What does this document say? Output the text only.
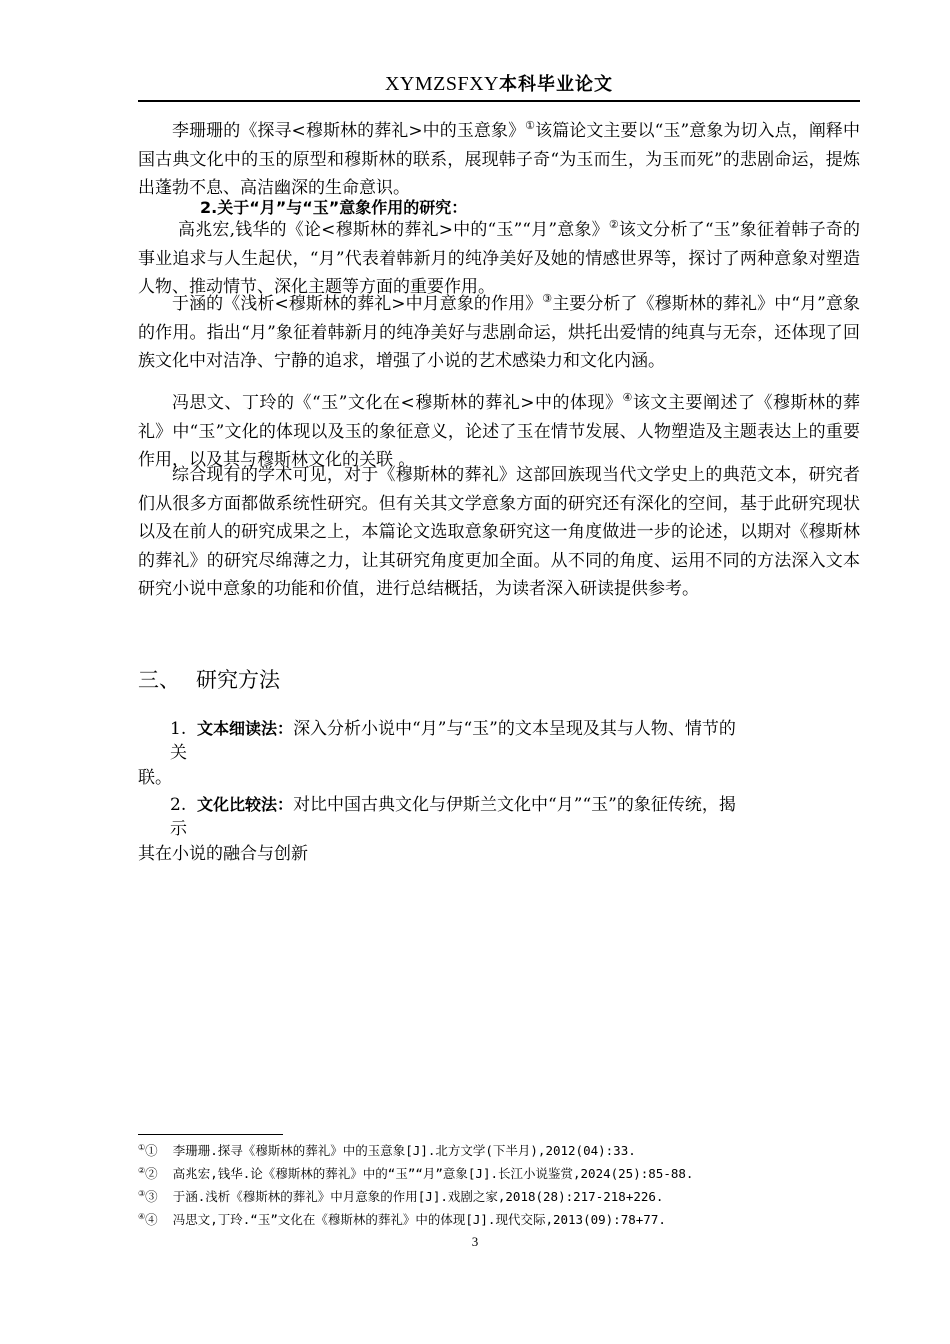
XYMZSFXY本科毕业论文
李珊珊的《探寻<穆斯林的葬礼>中的玉意象》①该篇论文主要以“玉”意象为切入点，阐释中国古典文化中的玉的原型和穆斯林的联系，展现韩子奇“为玉而生，为玉而死”的悲剧命运，提炼出蓬勃不息、高洁幽深的生命意识。
2.关于“月”与“玉”意象作用的研究：
高兆宏,钱华的《论<穆斯林的葬礼>中的“玉”“月”意象》②该文分析了“玉”象征着韩子奇的事业追求与人生起伏，“月”代表着韩新月的纯净美好及她的情感世界等，探讨了两种意象对塑造人物、推动情节、深化主题等方面的重要作用。
于涵的《浅析<穆斯林的葬礼>中月意象的作用》③主要分析了《穆斯林的葬礼》中“月”意象的作用。指出“月”象征着韩新月的纯净美好与悲剧命运，烘托出爱情的纯真与无奈，还体现了回族文化中对洁净、宁静的追求，增强了小说的艺术感染力和文化内涵。
冯思文、丁玲的《“玉”文化在<穆斯林的葬礼>中的体现》④该文主要阐述了《穆斯林的葬礼》中“玉”文化的体现以及玉的象征意义，论述了玉在情节发展、人物塑造及主题表达上的重要作用，以及其与穆斯林文化的关联 。
综合现有的学术可见，对于《穆斯林的葬礼》这部回族现当代文学史上的典范文本，研究者们从很多方面都做系统性研究。但有关其文学意象方面的研究还有深化的空间，基于此研究现状以及在前人的研究成果之上，本篇论文选取意象研究这一角度做进一步的论述，以期对《穆斯林的葬礼》的研究尽绵薄之力，让其研究角度更加全面。从不同的角度、运用不同的方法深入文本研究小说中意象的功能和价值，进行总结概括，为读者深入研读提供参考。
三、 研究方法
1. 文本细读法：深入分析小说中“月”与“玉”的文本呈现及其与人物、情节的
关
联。
2. 文化比较法：对比中国古典文化与伊斯兰文化中“月”“玉”的象征传统，揭
示
其在小说的融合与创新
①① 李珊珊.探寻《穆斯林的葬礼》中的玉意象[J].北方文学(下半月),2012(04):33.
②② 高兆宏,钱华.论《穆斯林的葬礼》中的“玉”“月”意象[J].长江小说鉴赏,2024(25):85-88.
③③ 于涵.浅析《穆斯林的葬礼》中月意象的作用[J].戏剧之家,2018(28):217-218+226.
④④ 冯思文,丁玲.“玉”文化在《穆斯林的葬礼》中的体现[J].现代交际,2013(09):78+77.
3
